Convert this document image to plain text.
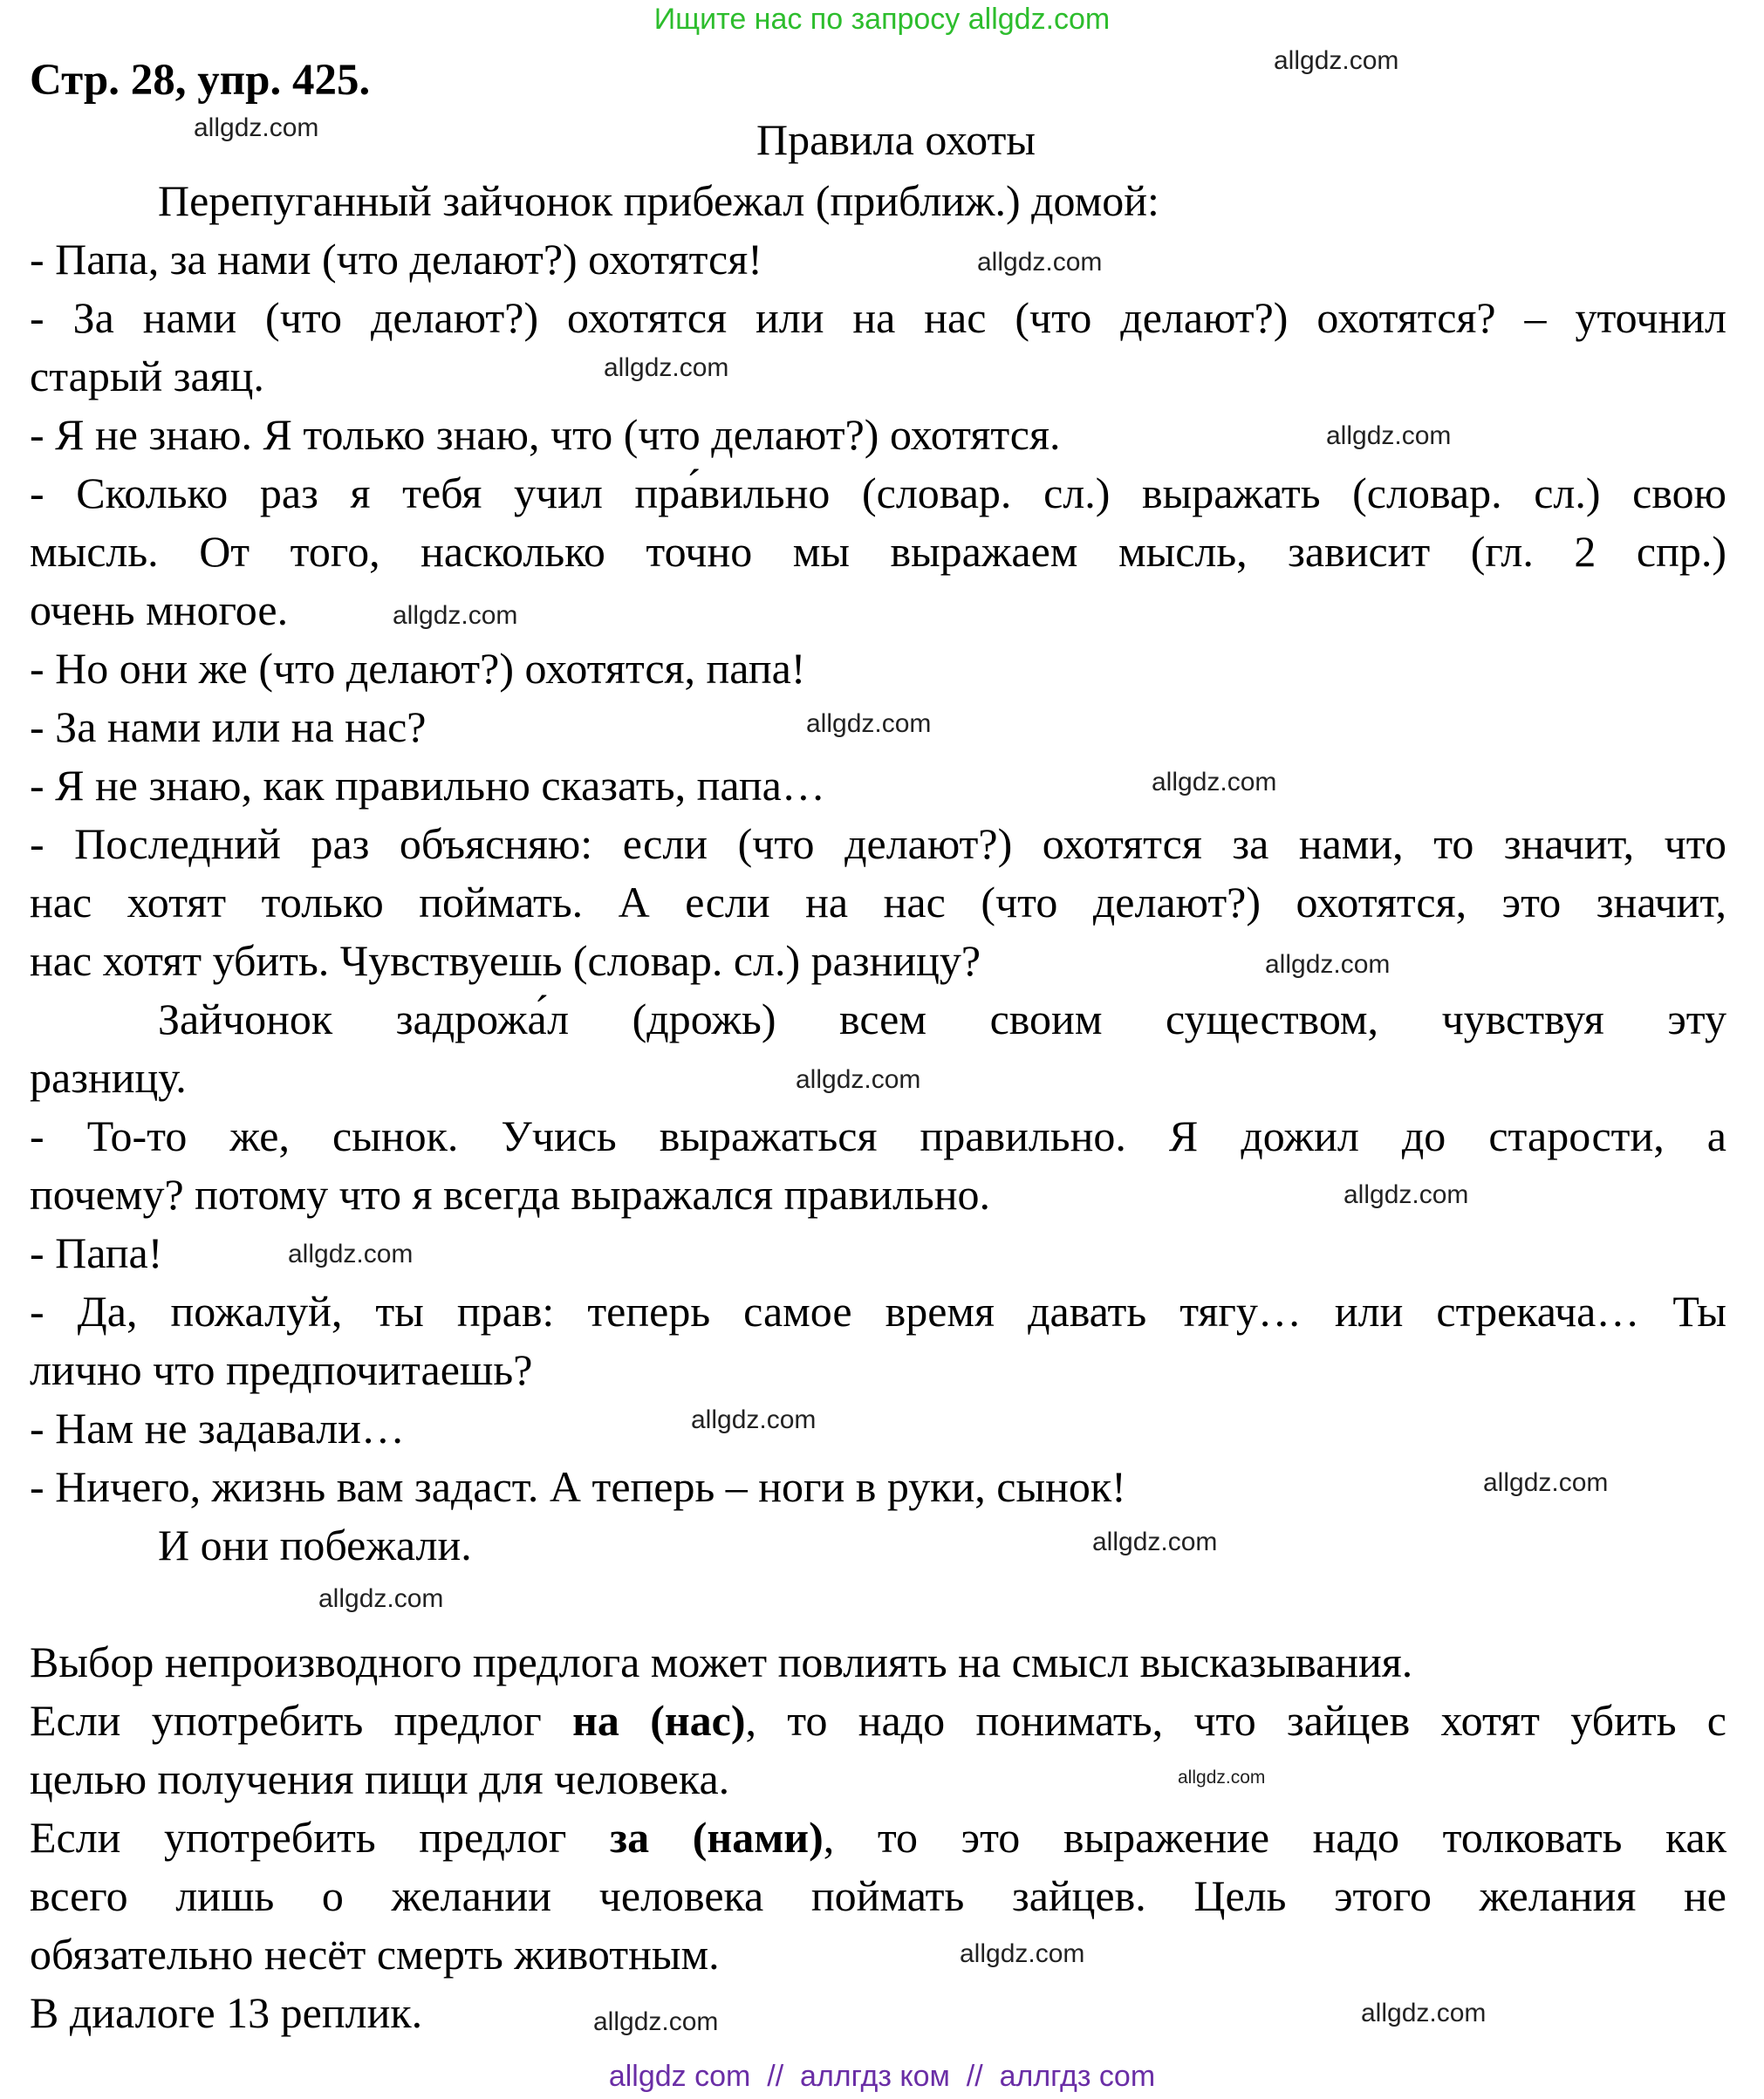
Ищите нас по запросу allgdz.com
Стр. 28, упр. 425.
Правила охоты
Перепуганный зайчонок прибежал (приближ.) домой:
- Папа, за нами (что делают?) охотятся!
- За нами (что делают?) охотятся или на нас (что делают?) охотятся? – уточнил
старый заяц.
- Я не знаю. Я только знаю, что (что делают?) охотятся.
- Сколько раз я тебя учил пра́вильно (словар. сл.) выражать (словар. сл.) свою
мысль. От того, насколько точно мы выражаем мысль, зависит (гл. 2 спр.)
очень многое.
- Но они же (что делают?) охотятся, папа!
- За нами или на нас?
- Я не знаю, как правильно сказать, папа…
- Последний раз объясняю: если (что делают?) охотятся за нами, то значит, что
нас хотят только поймать. А если на нас (что делают?) охотятся, это значит,
нас хотят убить. Чувствуешь (словар. сл.) разницу?
Зайчонок задрожа́л (дрожь) всем своим существом, чувствуя эту
разницу.
- То-то же, сынок. Учись выражаться правильно. Я дожил до старости, а
почему? потому что я всегда выражался правильно.
- Папа!
- Да, пожалуй, ты прав: теперь самое время давать тягу… или стрекача… Ты
лично что предпочитаешь?
- Нам не задавали…
- Ничего, жизнь вам задаст. А теперь – ноги в руки, сынок!
И они побежали.
Выбор непроизводного предлога может повлиять на смысл высказывания.
Если употребить предлог на (нас), то надо понимать, что зайцев хотят убить с
целью получения пищи для человека.
Если употребить предлог за (нами), то это выражение надо толковать как
всего лишь о желании человека поймать зайцев. Цель этого желания не
обязательно несёт смерть животным.
В диалоге 13 реплик.
allgdz.com
allgdz.com
allgdz.com
allgdz.com
allgdz.com
allgdz.com
allgdz.com
allgdz.com
allgdz.com
allgdz.com
allgdz.com
allgdz.com
allgdz.com
allgdz.com
allgdz.com
allgdz.com
allgdz.com
allgdz.com
allgdz.com
allgdz.com
allgdz com  //  аллгдз ком  //  аллгдз com
